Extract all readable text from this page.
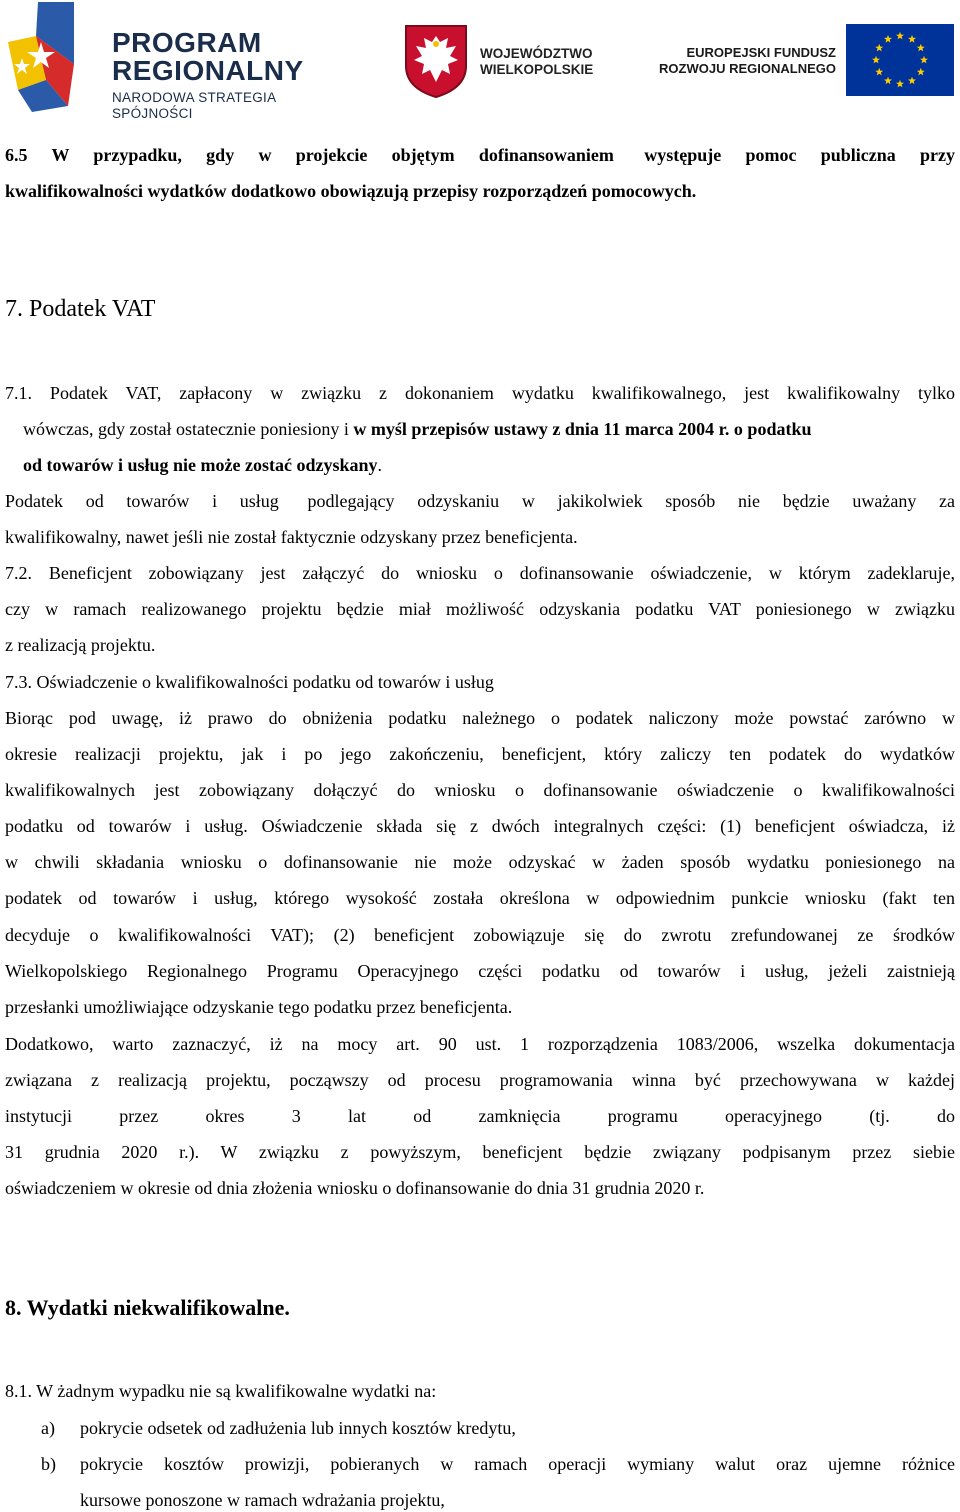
PROGRAM
REGIONALNY
NARODOWA STRATEGIA SPÓJNOŚCI
WOJEWÓDZTWO
WIELKOPOLSKIE
EUROPEJSKI FUNDUSZ
ROZWOJU REGIONALNEGO
6.5 W przypadku, gdy w projekcie objętym dofinansowaniem występuje pomoc publiczna przy
kwalifikowalności wydatków dodatkowo obowiązują przepisy rozporządzeń pomocowych.
7. Podatek VAT
7.1. Podatek VAT, zapłacony w związku z dokonaniem wydatku kwalifikowalnego, jest kwalifikowalny tylko
wówczas, gdy został ostatecznie poniesiony i w myśl przepisów ustawy z dnia 11 marca 2004 r. o podatku
od towarów i usług nie może zostać odzyskany.
Podatek od towarów i usług podlegający odzyskaniu w jakikolwiek sposób nie będzie uważany za
kwalifikowalny, nawet jeśli nie został faktycznie odzyskany przez beneficjenta.
7.2. Beneficjent zobowiązany jest załączyć do wniosku o dofinansowanie oświadczenie, w którym zadeklaruje,
czy w ramach realizowanego projektu będzie miał możliwość odzyskania podatku VAT poniesionego w związku
z realizacją projektu.
7.3. Oświadczenie o kwalifikowalności podatku od towarów i usług
Biorąc pod uwagę, iż prawo do obniżenia podatku należnego o podatek naliczony może powstać zarówno w
okresie realizacji projektu, jak i po jego zakończeniu, beneficjent, który zaliczy ten podatek do wydatków
kwalifikowalnych jest zobowiązany dołączyć do wniosku o dofinansowanie oświadczenie o kwalifikowalności
podatku od towarów i usług. Oświadczenie składa się z dwóch integralnych części: (1) beneficjent oświadcza, iż
w chwili składania wniosku o dofinansowanie nie może odzyskać w żaden sposób wydatku poniesionego na
podatek od towarów i usług, którego wysokość została określona w odpowiednim punkcie wniosku (fakt ten
decyduje o kwalifikowalności VAT); (2) beneficjent zobowiązuje się do zwrotu zrefundowanej ze środków
Wielkopolskiego Regionalnego Programu Operacyjnego części podatku od towarów i usług, jeżeli zaistnieją
przesłanki umożliwiające odzyskanie tego podatku przez beneficjenta.
Dodatkowo, warto zaznaczyć, iż na mocy art. 90 ust. 1 rozporządzenia 1083/2006, wszelka dokumentacja
związana z realizacją projektu, począwszy od procesu programowania winna być przechowywana w każdej
instytucji przez okres 3 lat od zamknięcia programu operacyjnego (tj. do
31 grudnia 2020 r.). W związku z powyższym, beneficjent będzie związany podpisanym przez siebie
oświadczeniem w okresie od dnia złożenia wniosku o dofinansowanie do dnia 31 grudnia 2020 r.
8. Wydatki niekwalifikowalne.
8.1. W żadnym wypadku nie są kwalifikowalne wydatki na:
a) pokrycie odsetek od zadłużenia lub innych kosztów kredytu,
b) pokrycie kosztów prowizji, pobieranych w ramach operacji wymiany walut oraz ujemne różnice
kursowe ponoszone w ramach wdrażania projektu,
